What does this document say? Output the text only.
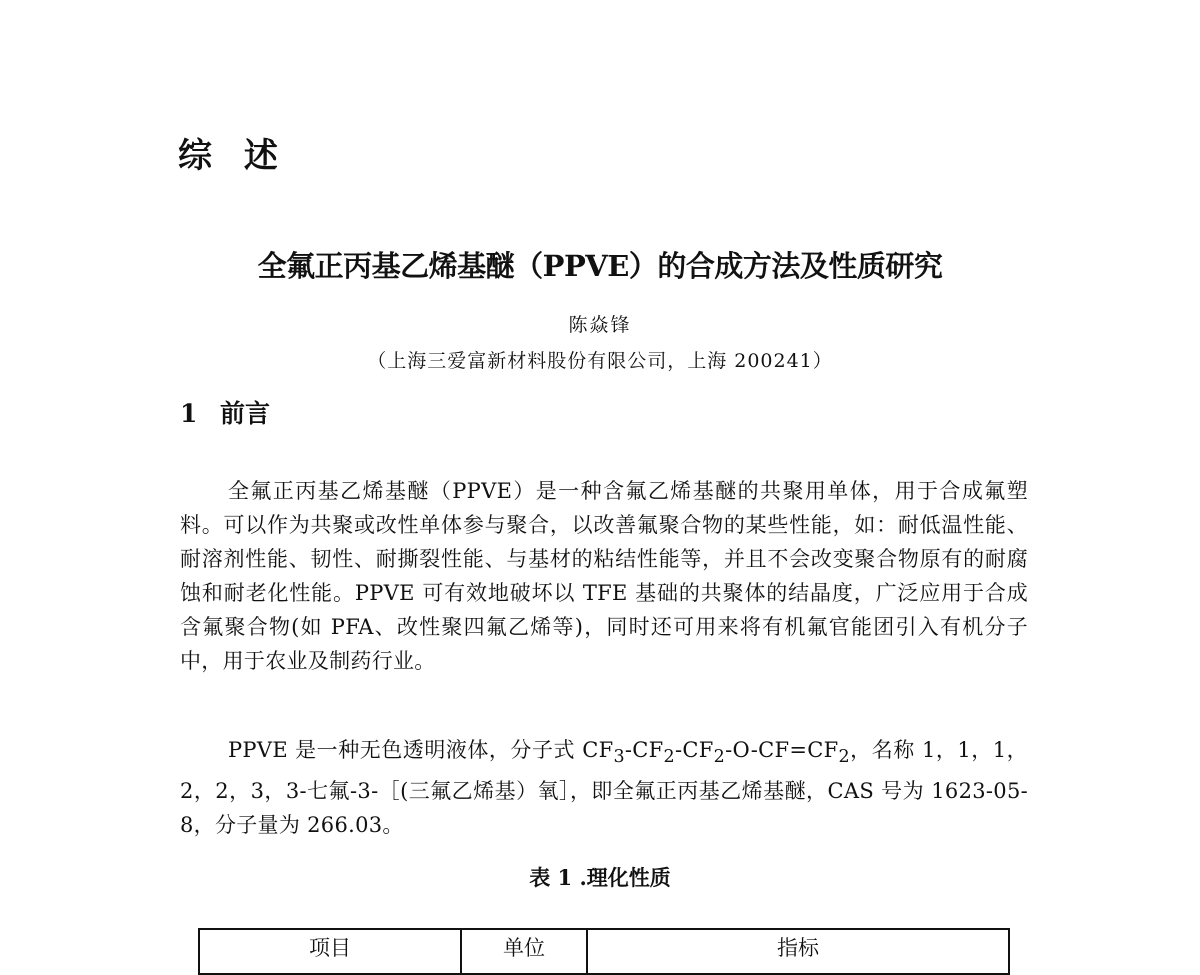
综 述
全氟正丙基乙烯基醚（PPVE）的合成方法及性质研究
陈焱锋
（上海三爱富新材料股份有限公司，上海 200241）
1 前言

全氟正丙基乙烯基醚（PPVE）是一种含氟乙烯基醚的共聚用单体，用于合成氟塑料。可以作为共聚或改性单体参与聚合，以改善氟聚合物的某些性能，如：耐低温性能、耐溶剂性能、韧性、耐撕裂性能、与基材的粘结性能等，并且不会改变聚合物原有的耐腐蚀和耐老化性能。PPVE 可有效地破坏以 TFE 基础的共聚体的结晶度，广泛应用于合成含氟聚合物(如 PFA、改性聚四氟乙烯等)，同时还可用来将有机氟官能团引入有机分子中，用于农业及制药行业。

PPVE 是一种无色透明液体，分子式 $CF_3-CF_2-CF_2-O-CF=CF_2$，名称 1，1，1，2，2，3，3-七氟-3-［(三氟乙烯基）氧］，即全氟正丙基乙烯基醚，CAS 号为 1623-05-8，分子量为 266.03。

表 1 .理化性质
项目	单位	指标
